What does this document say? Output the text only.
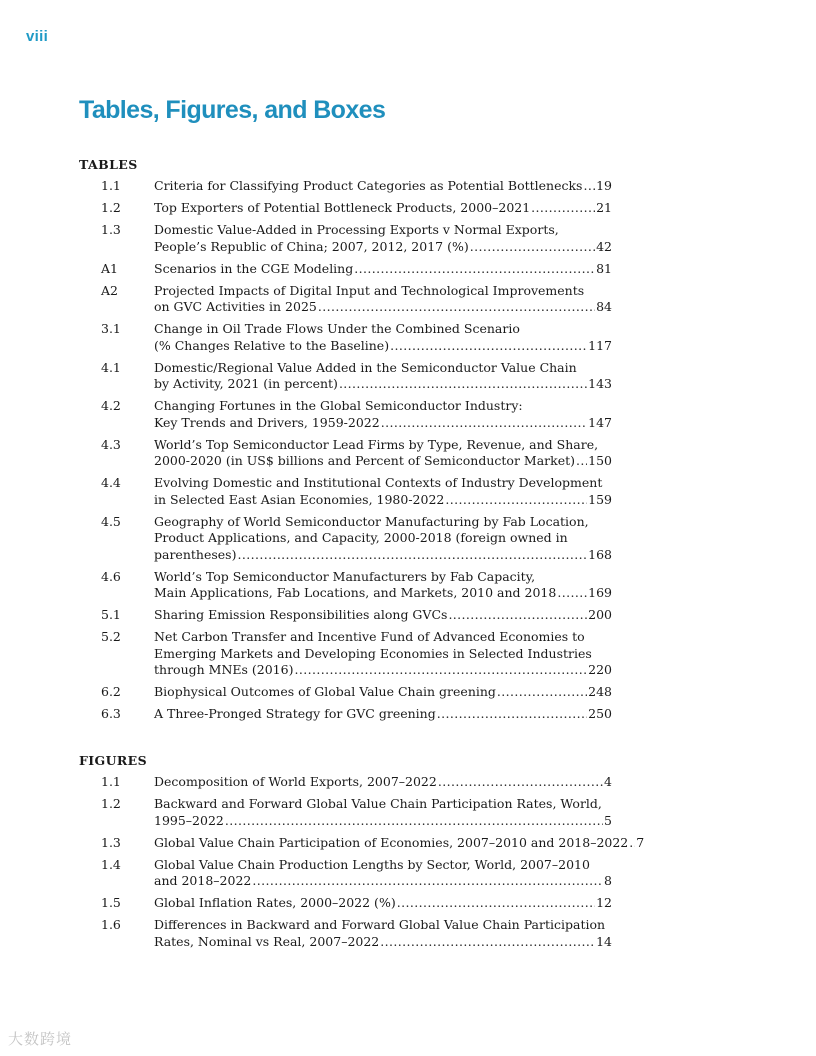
viii
Tables, Figures, and Boxes
TABLES
1.1	Criteria for Classifying Product Categories as Potential Bottlenecks ..... 19
1.2	Top Exporters of Potential Bottleneck Products, 2000–2021 .....	21
1.3	Domestic Value-Added in Processing Exports v Normal Exports,
People’s Republic of China; 2007, 2012, 2017 (%) .....	42
A1	Scenarios in the CGE Modeling .....	81
A2	Projected Impacts of Digital Input and Technological Improvements
on GVC Activities in 2025 .....	84
3.1	Change in Oil Trade Flows Under the Combined Scenario
(% Changes Relative to the Baseline) .....	117
4.1	Domestic/Regional Value Added in the Semiconductor Value Chain
by Activity, 2021 (in percent) .....	143
4.2	Changing Fortunes in the Global Semiconductor Industry:
Key Trends and Drivers, 1959-2022 .....	147
4.3	World’s Top Semiconductor Lead Firms by Type, Revenue, and Share,
2000-2020 (in US$ billions and Percent of Semiconductor Market) ..... 150
4.4	Evolving Domestic and Institutional Contexts of Industry Development
in Selected East Asian Economies, 1980-2022 .....	159
4.5	Geography of World Semiconductor Manufacturing by Fab Location,
Product Applications, and Capacity, 2000-2018 (foreign owned in
parentheses) .....	168
4.6	World’s Top Semiconductor Manufacturers by Fab Capacity,
Main Applications, Fab Locations, and Markets, 2010 and 2018 .....	169
5.1	Sharing Emission Responsibilities along GVCs .....	200
5.2	Net Carbon Transfer and Incentive Fund of Advanced Economies to
Emerging Markets and Developing Economies in Selected Industries
through MNEs (2016) .....	220
6.2	Biophysical Outcomes of Global Value Chain greening .....	248
6.3	A Three-Pronged Strategy for GVC greening .....	250
FIGURES
1.1	Decomposition of World Exports, 2007–2022 .....	4
1.2	Backward and Forward Global Value Chain Participation Rates, World,
1995–2022 .....	5
1.3	Global Value Chain Participation of Economies, 2007–2010 and 2018–2022 ..... 7
1.4	Global Value Chain Production Lengths by Sector, World, 2007–2010
and 2018–2022 .....	8
1.5	Global Inflation Rates, 2000–2022 (%) .....	12
1.6	Differences in Backward and Forward Global Value Chain Participation
Rates, Nominal vs Real, 2007–2022 .....	14
大数跨境
